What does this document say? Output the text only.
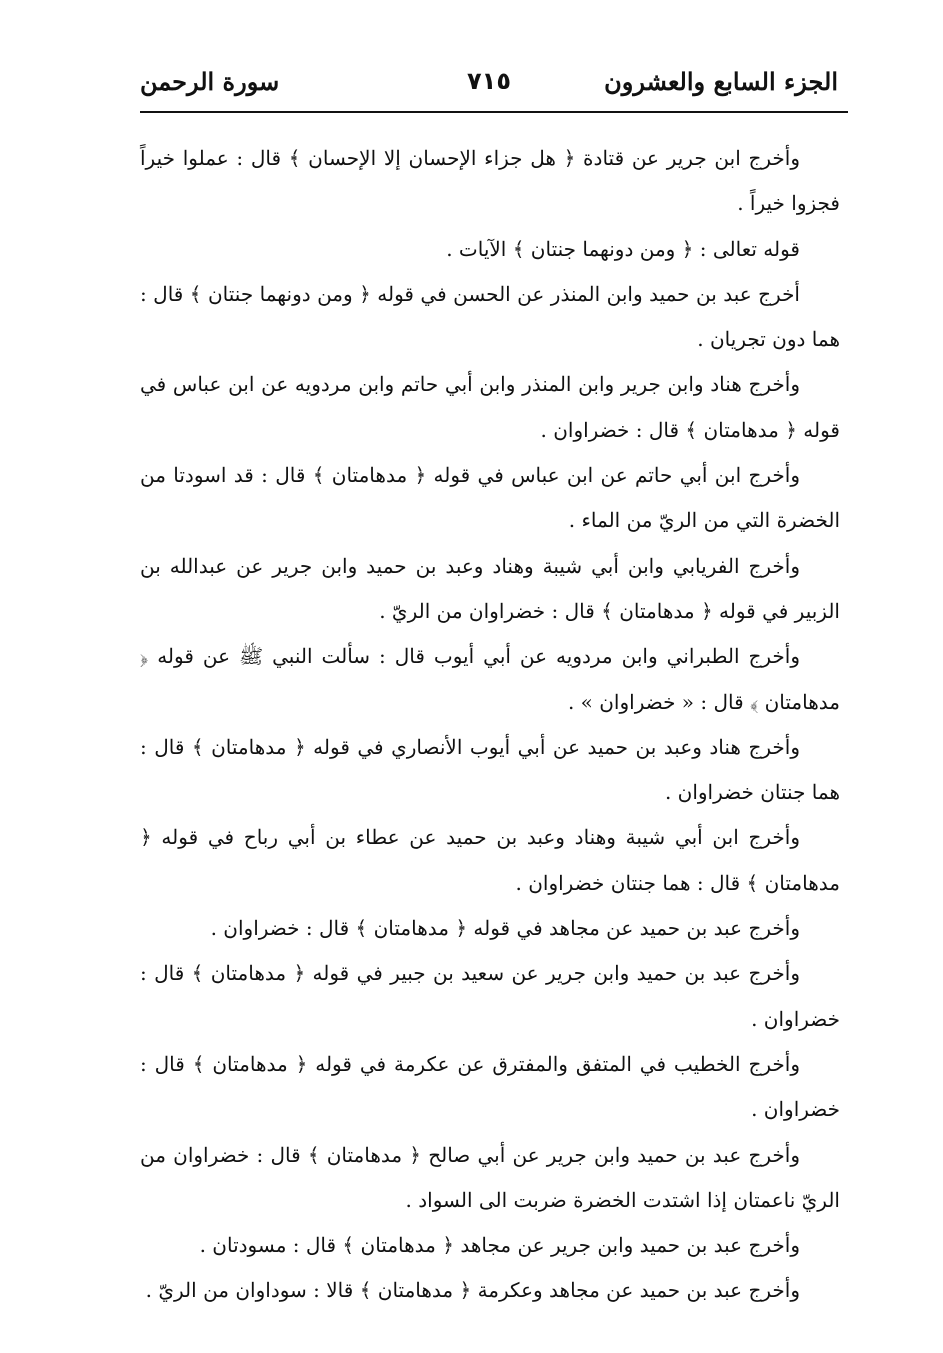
الجزء السابع والعشرون
٧١٥
سورة الرحمن

وأخرج ابن جرير عن قتادة ﴿ هل جزاء الإحسان إلا الإحسان ﴾ قال : عملوا خيراً فجزوا خيراً .

قوله تعالى : ﴿ ومن دونهما جنتان ﴾ الآيات .

أخرج عبد بن حميد وابن المنذر عن الحسن في قوله ﴿ ومن دونهما جنتان ﴾ قال : هما دون تجريان .

وأخرج هناد وابن جرير وابن المنذر وابن أبي حاتم وابن مردويه عن ابن عباس في قوله ﴿ مدهامتان ﴾ قال : خضراوان .

وأخرج ابن أبي حاتم عن ابن عباس في قوله ﴿ مدهامتان ﴾ قال : قد اسودتا من الخضرة التي من الريّ من الماء .

وأخرج الفريابي وابن أبي شيبة وهناد وعبد بن حميد وابن جرير عن عبدالله بن الزبير في قوله ﴿ مدهامتان ﴾ قال : خضراوان من الريّ .

وأخرج الطبراني وابن مردويه عن أبي أيوب قال : سألت النبي ﷺ عن قوله ﴿ مدهامتان ﴾ قال : « خضراوان » .

وأخرج هناد وعبد بن حميد عن أبي أيوب الأنصاري في قوله ﴿ مدهامتان ﴾ قال : هما جنتان خضراوان .

وأخرج ابن أبي شيبة وهناد وعبد بن حميد عن عطاء بن أبي رباح في قوله ﴿ مدهامتان ﴾ قال : هما جنتان خضراوان .

وأخرج عبد بن حميد عن مجاهد في قوله ﴿ مدهامتان ﴾ قال : خضراوان .

وأخرج عبد بن حميد وابن جرير عن سعيد بن جبير في قوله ﴿ مدهامتان ﴾ قال : خضراوان .

وأخرج الخطيب في المتفق والمفترق عن عكرمة في قوله ﴿ مدهامتان ﴾ قال : خضراوان .

وأخرج عبد بن حميد وابن جرير عن أبي صالح ﴿ مدهامتان ﴾ قال : خضراوان من الريّ ناعمتان إذا اشتدت الخضرة ضربت الى السواد .

وأخرج عبد بن حميد وابن جرير عن مجاهد ﴿ مدهامتان ﴾ قال : مسودتان .

وأخرج عبد بن حميد عن مجاهد وعكرمة ﴿ مدهامتان ﴾ قالا : سوداوان من الريّ .
